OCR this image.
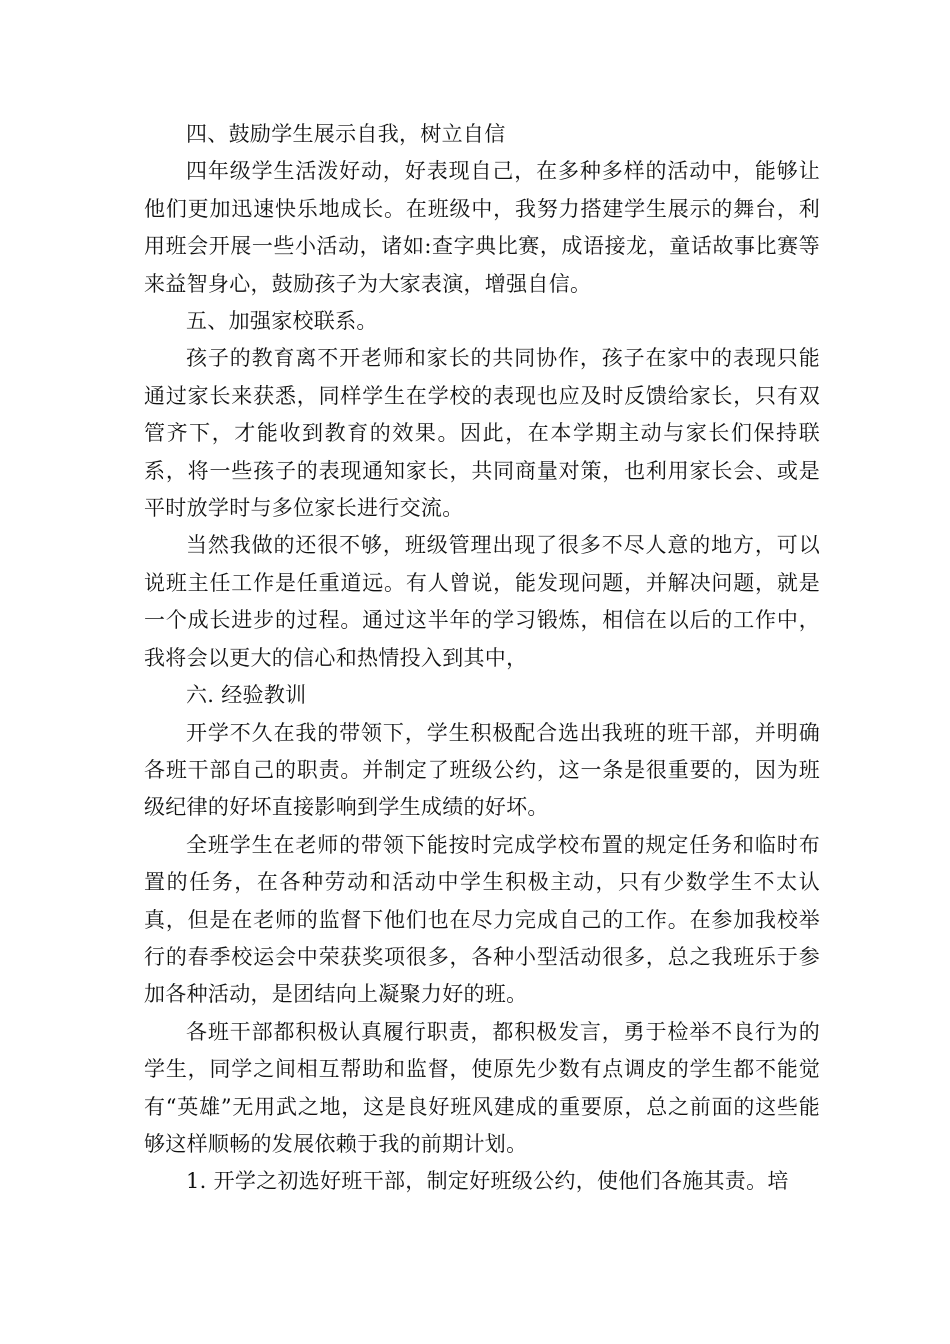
四、鼓励学生展示自我，树立自信

四年级学生活泼好动，好表现自己，在多种多样的活动中，能够让他们更加迅速快乐地成长。在班级中，我努力搭建学生展示的舞台，利用班会开展一些小活动，诸如:查字典比赛，成语接龙，童话故事比赛等来益智身心，鼓励孩子为大家表演，增强自信。

五、加强家校联系。

孩子的教育离不开老师和家长的共同协作，孩子在家中的表现只能通过家长来获悉，同样学生在学校的表现也应及时反馈给家长，只有双管齐下，才能收到教育的效果。因此，在本学期主动与家长们保持联系，将一些孩子的表现通知家长，共同商量对策，也利用家长会、或是平时放学时与多位家长进行交流。

当然我做的还很不够，班级管理出现了很多不尽人意的地方，可以说班主任工作是任重道远。有人曾说，能发现问题，并解决问题，就是一个成长进步的过程。通过这半年的学习锻炼，相信在以后的工作中，我将会以更大的信心和热情投入到其中，

六. 经验教训

开学不久在我的带领下，学生积极配合选出我班的班干部，并明确各班干部自己的职责。并制定了班级公约，这一条是很重要的，因为班级纪律的好坏直接影响到学生成绩的好坏。

全班学生在老师的带领下能按时完成学校布置的规定任务和临时布置的任务，在各种劳动和活动中学生积极主动，只有少数学生不太认真，但是在老师的监督下他们也在尽力完成自己的工作。在参加我校举行的春季校运会中荣获奖项很多，各种小型活动很多，总之我班乐于参加各种活动，是团结向上凝聚力好的班。

各班干部都积极认真履行职责，都积极发言，勇于检举不良行为的学生，同学之间相互帮助和监督，使原先少数有点调皮的学生都不能觉有“英雄”无用武之地，这是良好班风建成的重要原，总之前面的这些能够这样顺畅的发展依赖于我的前期计划。

1. 开学之初选好班干部，制定好班级公约，使他们各施其责。培
